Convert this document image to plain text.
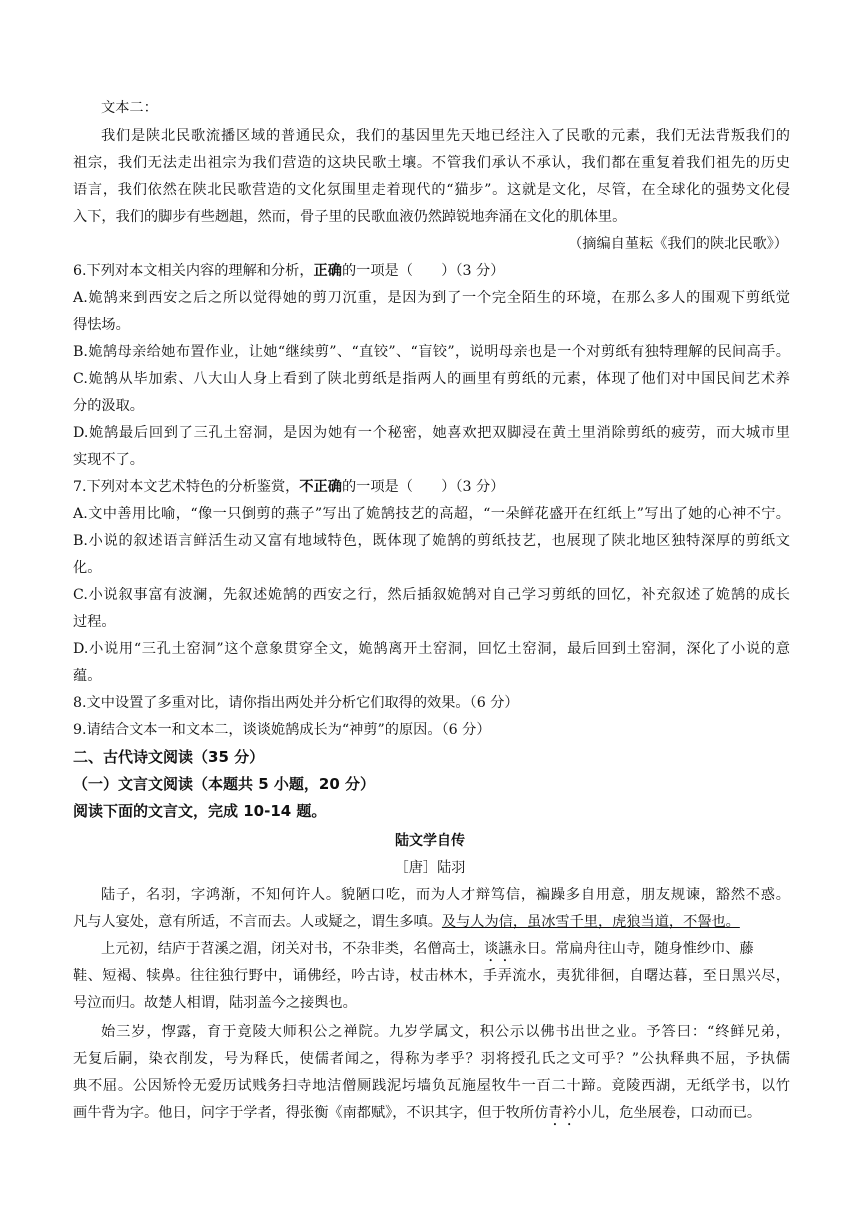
文本二：
我们是陕北民歌流播区域的普通民众，我们的基因里先天地已经注入了民歌的元素，我们无法背叛我们的
祖宗，我们无法走出祖宗为我们营造的这块民歌土壤。不管我们承认不承认，我们都在重复着我们祖先的历史
语言，我们依然在陕北民歌营造的文化氛围里走着现代的“猫步”。这就是文化，尽管，在全球化的强势文化侵
入下，我们的脚步有些趔趄，然而，骨子里的民歌血液仍然踔锐地奔涌在文化的肌体里。
（摘编自堇耘《我们的陕北民歌》）
6.下列对本文相关内容的理解和分析，正确的一项是（　　）（3 分）
A.姽鹄来到西安之后之所以觉得她的剪刀沉重，是因为到了一个完全陌生的环境，在那么多人的围观下剪纸觉
得怯场。
B.姽鹄母亲给她布置作业，让她“继续剪”、“直铰”、“盲铰”，说明母亲也是一个对剪纸有独特理解的民间高手。
C.姽鹄从毕加索、八大山人身上看到了陕北剪纸是指两人的画里有剪纸的元素，体现了他们对中国民间艺术养
分的汲取。
D.姽鹄最后回到了三孔土窑洞，是因为她有一个秘密，她喜欢把双脚浸在黄土里消除剪纸的疲劳，而大城市里
实现不了。
7.下列对本文艺术特色的分析鉴赏，不正确的一项是（　　）（3 分）
A.文中善用比喻，“像一只倒剪的燕子”写出了姽鹄技艺的高超，“一朵鲜花盛开在红纸上”写出了她的心神不宁。
B.小说的叙述语言鲜活生动又富有地域特色，既体现了姽鹄的剪纸技艺，也展现了陕北地区独特深厚的剪纸文
化。
C.小说叙事富有波澜，先叙述姽鹄的西安之行，然后插叙姽鹄对自己学习剪纸的回忆，补充叙述了姽鹄的成长
过程。
D.小说用“三孔土窑洞”这个意象贯穿全文，姽鹄离开土窑洞，回忆土窑洞，最后回到土窑洞，深化了小说的意
蕴。
8.文中设置了多重对比，请你指出两处并分析它们取得的效果。（6 分）
9.请结合文本一和文本二，谈谈姽鹄成长为“神剪”的原因。（6 分）
二、古代诗文阅读（35 分）
（一）文言文阅读（本题共 5 小题，20 分）
阅读下面的文言文，完成 10-14 题。
陆文学自传
［唐］陆羽
陆子，名羽，字鸿渐，不知何许人。貌陋口吃，而为人才辩笃信，褊躁多自用意，朋友规谏，豁然不惑。
凡与人宴处，意有所适，不言而去。人或疑之，谓生多嗔。及与人为信，虽冰雪千里，虎狼当道，不諐也。
上元初，结庐于苕溪之湄，闭关对书，不杂非类，名僧高士，谈讌永日。常扁舟往山寺，随身惟纱巾、藤
鞋、短褐、犊鼻。往往独行野中，诵佛经，吟古诗，杖击林木，手弄流水，夷犹徘徊，自曙达暮，至日黑兴尽，
号泣而归。故楚人相谓，陆羽盖今之接舆也。
始三岁，惸露，育于竟陵大师积公之禅院。九岁学属文，积公示以佛书出世之业。予答曰：“终鲜兄弟，
无复后嗣，染衣削发，号为释氏，使儒者闻之，得称为孝乎？羽将授孔氏之文可乎？”公执释典不屈，予执儒
典不屈。公因矫怜无爱历试贱务扫寺地洁僧厕践泥圬墙负瓦施屋牧牛一百二十蹄。竟陵西湖，无纸学书，以竹
画牛背为字。他日，问字于学者，得张衡《南都赋》，不识其字，但于牧所仿青衿小儿，危坐展卷，口动而已。
